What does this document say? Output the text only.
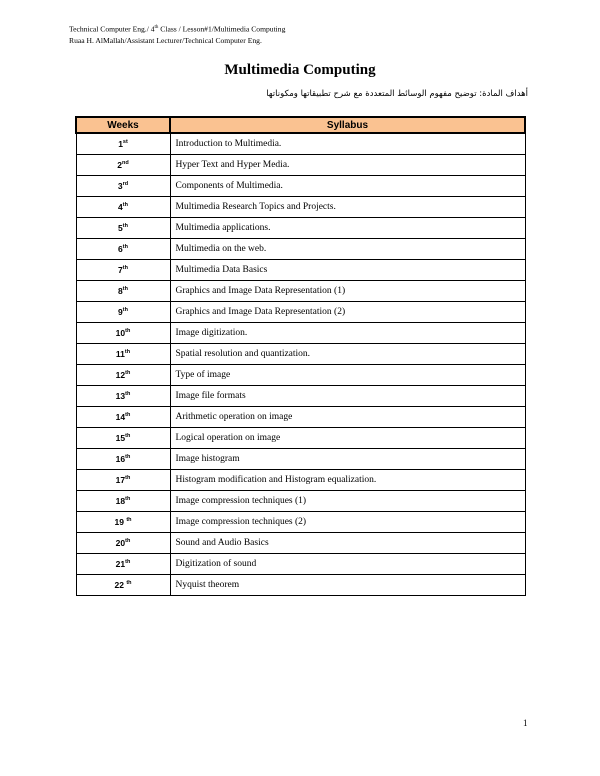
Technical Computer Eng./ 4th Class / Lesson#1/Multimedia Computing
Ruaa H. AlMallah/Assistant Lecturer/Technical Computer Eng.
Multimedia Computing
أهداف المادة: توضيح مفهوم الوسائط المتعددة مع شرح تطبيقاتها ومكوناتها
Weeks	Syllabus
1st	Introduction to Multimedia.
2nd	Hyper Text and Hyper Media.
3rd	Components of Multimedia.
4th	Multimedia Research Topics and Projects.
5th	Multimedia applications.
6th	Multimedia on the web.
7th	Multimedia Data Basics
8th	Graphics and Image Data Representation (1)
9th	Graphics and Image Data Representation (2)
10th	Image digitization.
11th	Spatial resolution and quantization.
12th	Type of image
13th	Image file formats
14th	Arithmetic operation on image
15th	Logical operation on image
16th	Image histogram
17th	Histogram modification and Histogram equalization.
18th	Image compression techniques (1)
19 $^{th}$	Image compression techniques (2)
20th	Sound and Audio Basics
21th	Digitization of sound
22 $^{th}$	Nyquist theorem
1
